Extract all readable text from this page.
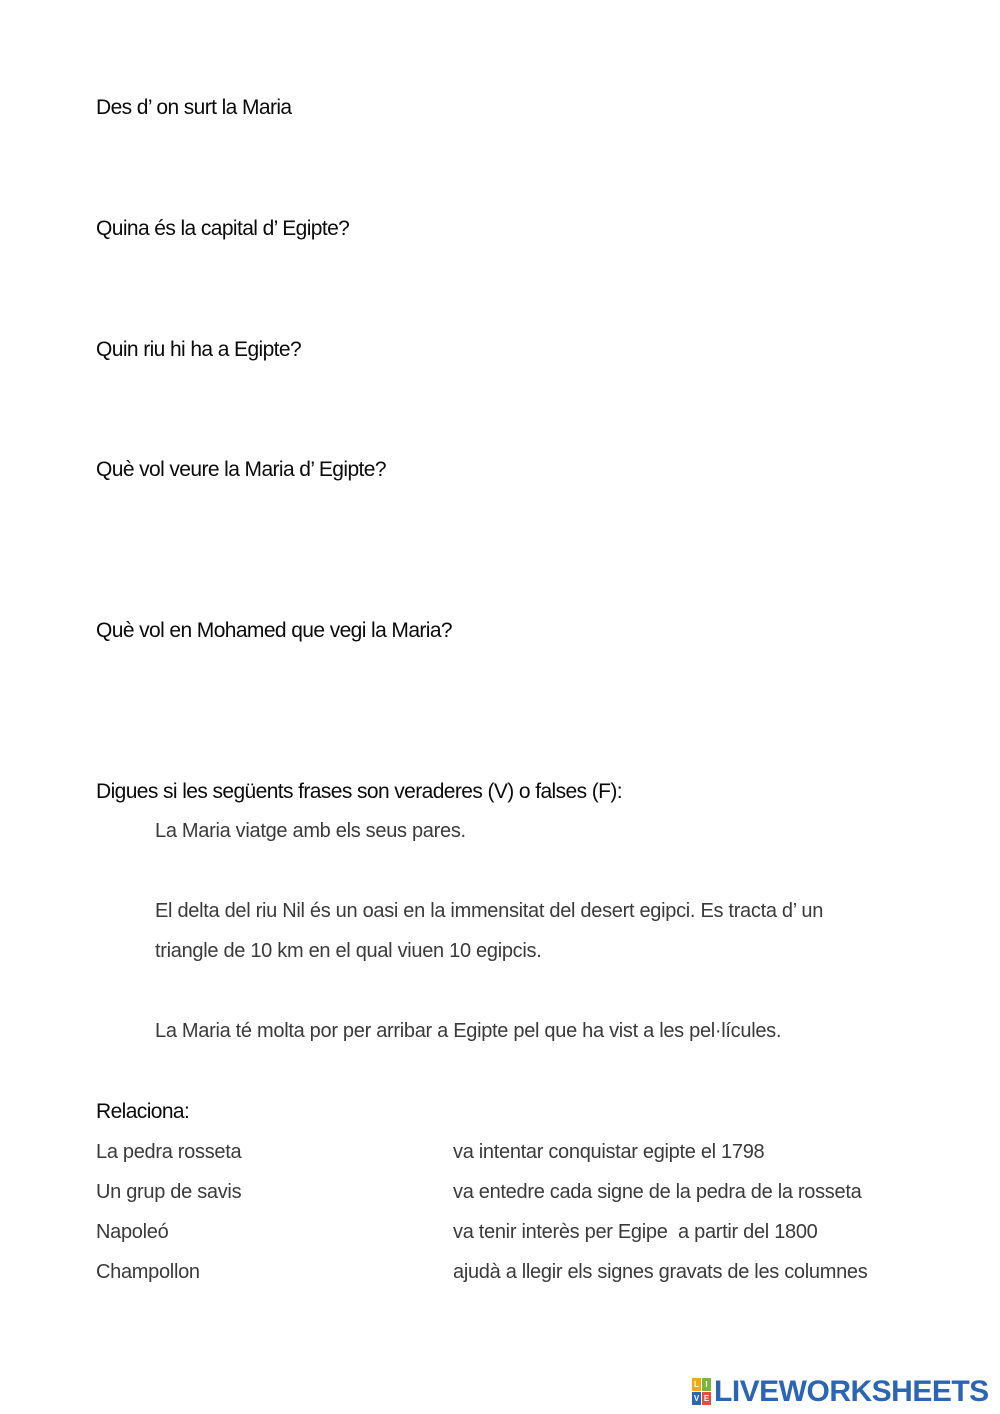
Des d’ on surt la Maria
Quina és la capital d’ Egipte?
Quin riu hi ha a Egipte?
Què vol veure la Maria d’ Egipte?
Què vol en Mohamed que vegi la Maria?
Digues si les següents frases son veraderes (V) o falses (F):
La Maria viatge amb els seus pares.
El delta del riu Nil és un oasi en la immensitat del desert egipci. Es tracta d’ un
triangle de 10 km en el qual viuen 10 egipcis.
La Maria té molta por per arribar a Egipte pel que ha vist a les pel·lícules.
Relaciona:
La pedra rosseta	va intentar conquistar egipte el 1798
Un grup de savis	va entedre cada signe de la pedra de la rosseta
Napoleó	va tenir interès per Egipe  a partir del 1800
Champollon	ajudà a llegir els signes gravats de les columnes
L I
V E LIVEWORKSHEETS
